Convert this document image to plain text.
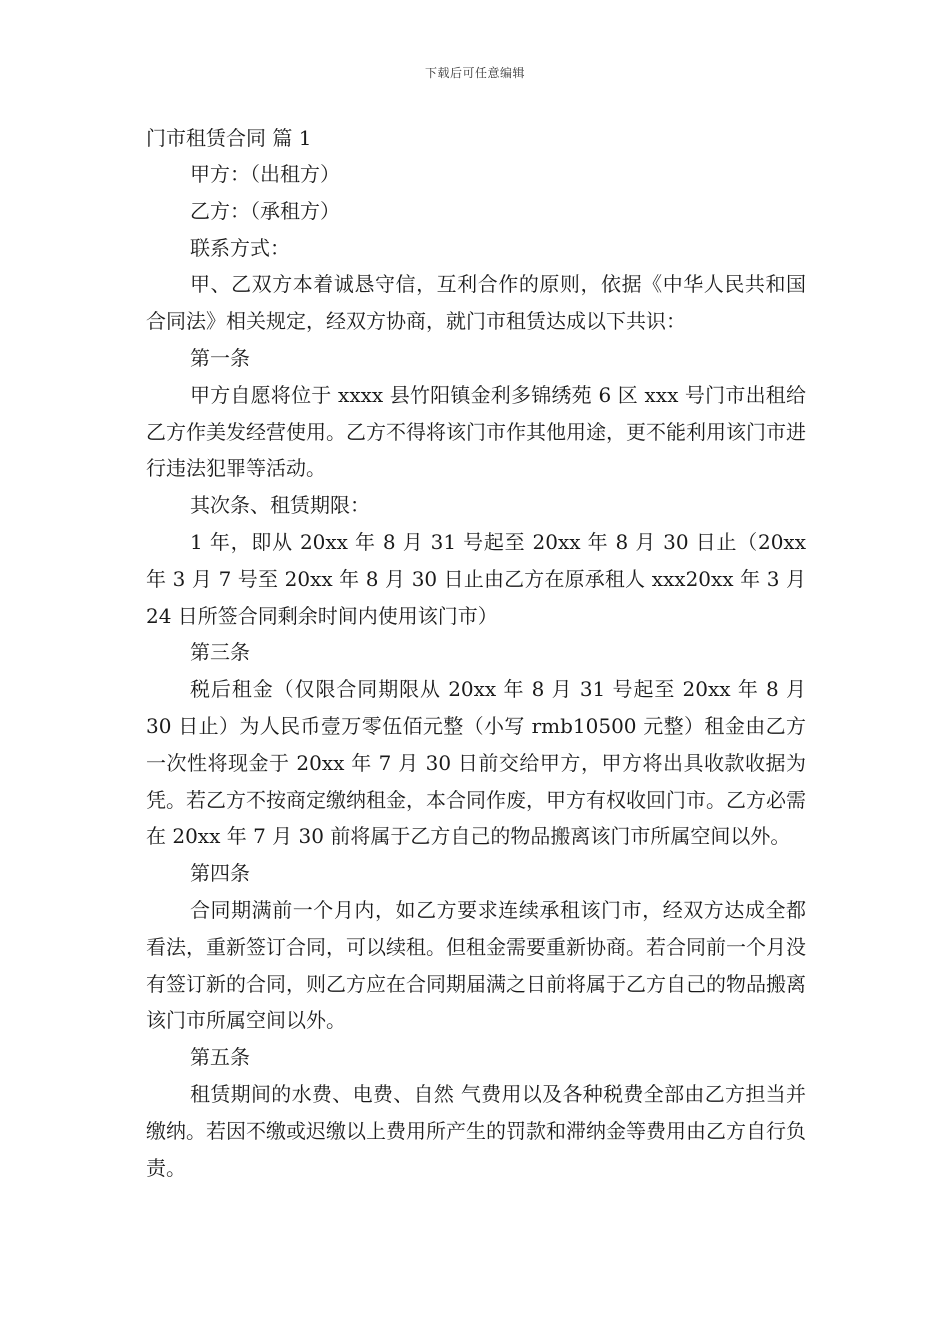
下载后可任意编辑

门市租赁合同 篇 1

甲方：（出租方）

乙方：（承租方）

联系方式：

甲、乙双方本着诚恳守信，互利合作的原则，依据《中华人民共和国合同法》相关规定，经双方协商，就门市租赁达成以下共识：

第一条

甲方自愿将位于 xxxx 县竹阳镇金利多锦绣苑 6 区 xxx 号门市出租给乙方作美发经营使用。乙方不得将该门市作其他用途，更不能利用该门市进行违法犯罪等活动。

其次条、租赁期限：

1 年，即从 20xx 年 8 月 31 号起至 20xx 年 8 月 30 日止（20xx 年 3 月 7 号至 20xx 年 8 月 30 日止由乙方在原承租人 xxx20xx 年 3 月 24 日所签合同剩余时间内使用该门市）

第三条

税后租金（仅限合同期限从 20xx 年 8 月 31 号起至 20xx 年 8 月 30 日止）为人民币壹万零伍佰元整（小写 rmb10500 元整）租金由乙方一次性将现金于 20xx 年 7 月 30 日前交给甲方，甲方将出具收款收据为凭。若乙方不按商定缴纳租金，本合同作废，甲方有权收回门市。乙方必需在 20xx 年 7 月 30 前将属于乙方自己的物品搬离该门市所属空间以外。

第四条

合同期满前一个月内，如乙方要求连续承租该门市，经双方达成全都看法，重新签订合同，可以续租。但租金需要重新协商。若合同前一个月没有签订新的合同，则乙方应在合同期届满之日前将属于乙方自己的物品搬离该门市所属空间以外。

第五条

租赁期间的水费、电费、自然 气费用以及各种税费全部由乙方担当并缴纳。若因不缴或迟缴以上费用所产生的罚款和滞纳金等费用由乙方自行负责。
